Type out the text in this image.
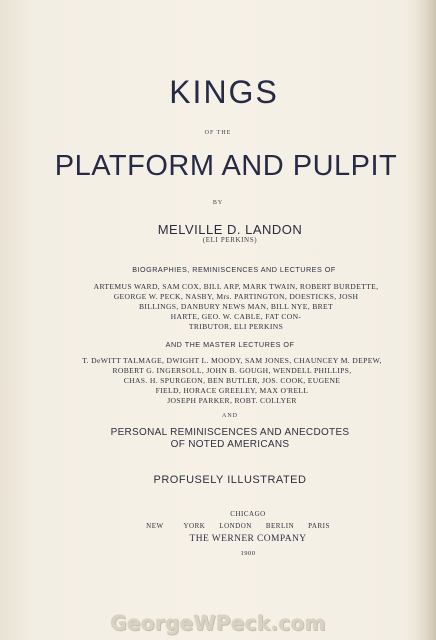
KINGS
OF THE
PLATFORM AND PULPIT
BY
MELVILLE D. LANDON
(ELI PERKINS)
BIOGRAPHIES, REMINISCENCES AND LECTURES OF
ARTEMUS WARD, SAM COX, BILL ARP, MARK TWAIN, ROBERT BURDETTE,
GEORGE W. PECK, NASBY, Mrs. PARTINGTON, DOESTICKS, JOSH
BILLINGS, DANBURY NEWS MAN, BILL NYE, BRET
HARTE, GEO. W. CABLE, FAT CON-
TRIBUTOR, ELI PERKINS
AND THE MASTER LECTURES OF
T. DeWITT TALMAGE, DWIGHT L. MOODY, SAM JONES, CHAUNCEY M. DEPEW,
ROBERT G. INGERSOLL, JOHN B. GOUGH, WENDELL PHILLIPS,
CHAS. H. SPURGEON, BEN BUTLER, JOS. COOK, EUGENE
FIELD, HORACE GREELEY, MAX O'RELL
JOSEPH PARKER, ROBT. COLLYER
AND
PERSONAL REMINISCENCES AND ANECDOTES
OF NOTED AMERICANS
PROFUSELY ILLUSTRATED
CHICAGO
NEW YORK LONDON BERLIN PARIS
THE WERNER COMPANY
1900
GeorgeWPeck.com
